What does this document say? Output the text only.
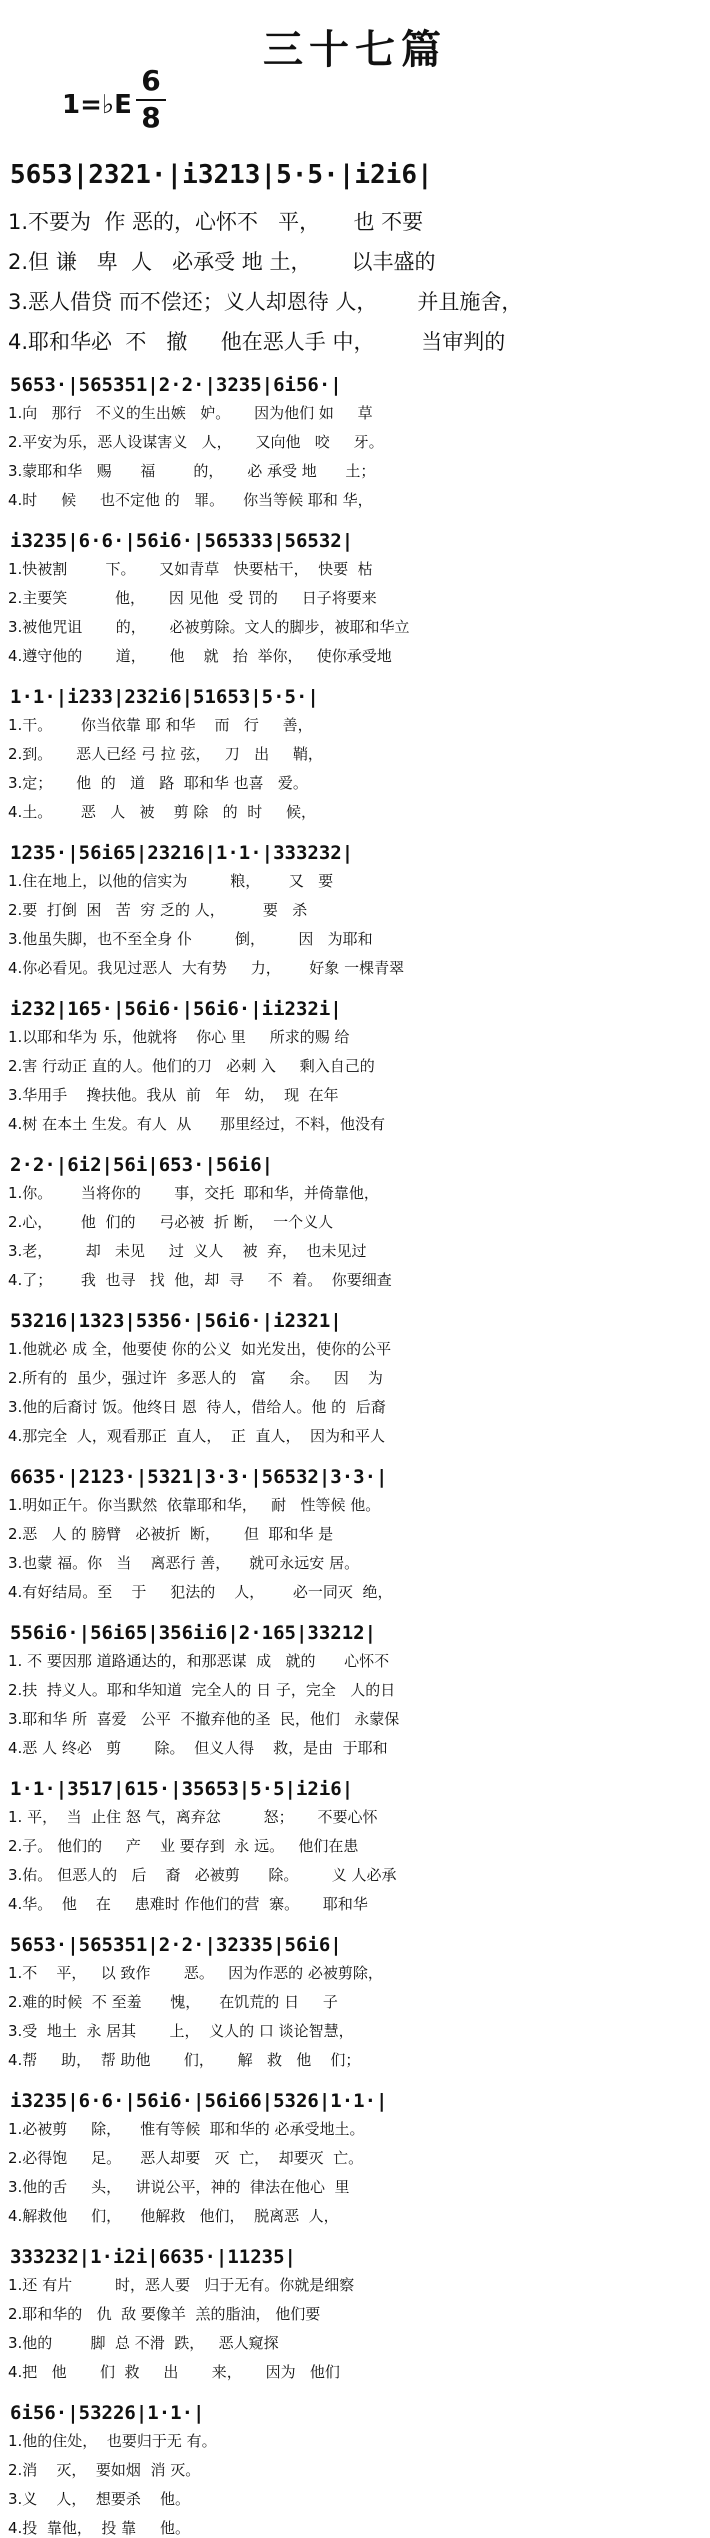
三十七篇
1=♭E
6
8
5653|2321·|i3213|5·5·|i2i6|
1.不要为  作 恶的，心怀不   平，     也 不要
2.但 谦   卑  人   必承受 地 土，      以丰盛的
3.恶人借贷 而不偿还；义人却恩待 人，      并且施舍，
4.耶和华必  不   撤     他在恶人手 中，       当审判的
5653·|565351|2·2·|3235|6i56·|
1.向   那行   不义的生出嫉   妒。     因为他们 如     草
2.平安为乐，恶人设谋害义   人，     又向他   咬     牙。
3.蒙耶和华   赐      福        的，     必 承受 地      土；
4.时     候     也不定他 的   罪。    你当等候 耶和 华，
i3235|6·6·|56i6·|565333|56532|
1.快被割        下。     又如青草   快要枯干，  快要  枯
2.主要笑          他，     因 见他  受 罚的     日子将要来
3.被他咒诅       的，     必被剪除。文人的脚步，被耶和华立
4.遵守他的       道，     他    就   抬  举你，   使你承受地
1·1·|i233|232i6|51653|5·5·|
1.干。      你当依靠 耶 和华    而   行     善，
2.到。     恶人已经 弓 拉 弦，   刀   出     鞘，
3.定；     他  的   道   路  耶和华 也喜   爱。
4.土。      恶   人   被    剪 除   的  时     候，
1235·|56i65|23216|1·1·|333232|
1.住在地上，以他的信实为         粮，      又   要
2.要  打倒  困   苦  穷 乏的 人，        要   杀
3.他虽失脚，也不至全身 仆         倒，       因   为耶和
4.你必看见。我见过恶人  大有势     力，      好象 一棵青翠
i232|165·|56i6·|56i6·|ii232i|
1.以耶和华为 乐，他就将    你心 里     所求的赐 给
2.害 行动正 直的人。他们的刀   必刺 入     剩入自己的
3.华用手    搀扶他。我从  前   年   幼，  现  在年
4.树 在本土 生发。有人  从      那里经过，不料，他没有
2·2·|6i2|56i|653·|56i6|
1.你。      当将你的       事，交托  耶和华，并倚靠他，
2.心，      他  们的     弓必被  折 断，  一个义人
3.老，       却   未见     过  义人    被  弃，  也未见过
4.了；      我  也寻   找  他，却  寻     不  着。  你要细查
53216|1323|5356·|56i6·|i2321|
1.他就必 成 全，他要使 你的公义  如光发出，使你的公平
2.所有的  虽少，强过许  多恶人的   富     余。   因    为
3.他的后裔讨 饭。他终日 恩  待人，借给人。他 的  后裔
4.那完全  人，观看那正  直人，  正  直人，  因为和平人
6635·|2123·|5321|3·3·|56532|3·3·|
1.明如正午。你当默然  依靠耶和华，   耐   性等候 他。
2.恶   人 的 膀臂   必被折  断，     但  耶和华 是
3.也蒙 福。你   当    离恶行 善，    就可永远安 居。
4.有好结局。至    于     犯法的    人，      必一同灭  绝，
556i6·|56i65|356ii6|2·165|33212|
1. 不 要因那 道路通达的，和那恶谋  成   就的      心怀不
2.扶  持义人。耶和华知道  完全人的 日 子，完全   人的日
3.耶和华 所  喜爱   公平  不撤弃他的圣  民，他们   永蒙保
4.恶 人 终必   剪       除。  但义人得    救，是由  于耶和
1·1·|3517|615·|35653|5·5|i2i6|
1. 平，  当  止住 怒 气，离弃忿         怒；     不要心怀
2.子。 他们的     产    业 要存到  永 远。   他们在患
3.佑。 但恶人的   后    裔   必被剪      除。       义 人必承
4.华。  他    在     患难时 作他们的营  寨。     耶和华
5653·|565351|2·2·|32335|56i6|
1.不    平，   以 致作       恶。   因为作恶的 必被剪除，
2.难的时候  不 至羞      愧，    在饥荒的 日     子
3.受  地土  永 居其       上，  义人的 口 谈论智慧，
4.帮     助，  帮 助他       们，     解   救   他    们；
i3235|6·6·|56i6·|56i66|5326|1·1·|
1.必被剪     除，    惟有等候  耶和华的 必承受地土。
2.必得饱     足。    恶人却要   灭  亡，  却要灭  亡。
3.他的舌     头，   讲说公平，神的  律法在他心  里
4.解救他     们，    他解救   他们，  脱离恶  人，
333232|1·i2i|6635·|11235|
1.还 有片         时，恶人要   归于无有。你就是细察
2.耶和华的   仇  敌 要像羊  羔的脂油， 他们要
3.他的        脚  总 不滑  跌，   恶人窥探
4.把   他       们  救     出       来，     因为   他们
6i56·|53226|1·1·|
1.他的住处，  也要归于无 有。
2.消    灭，  要如烟  消 灭。
3.义    人，  想要杀    他。
4.投  靠他，  投 靠     他。
